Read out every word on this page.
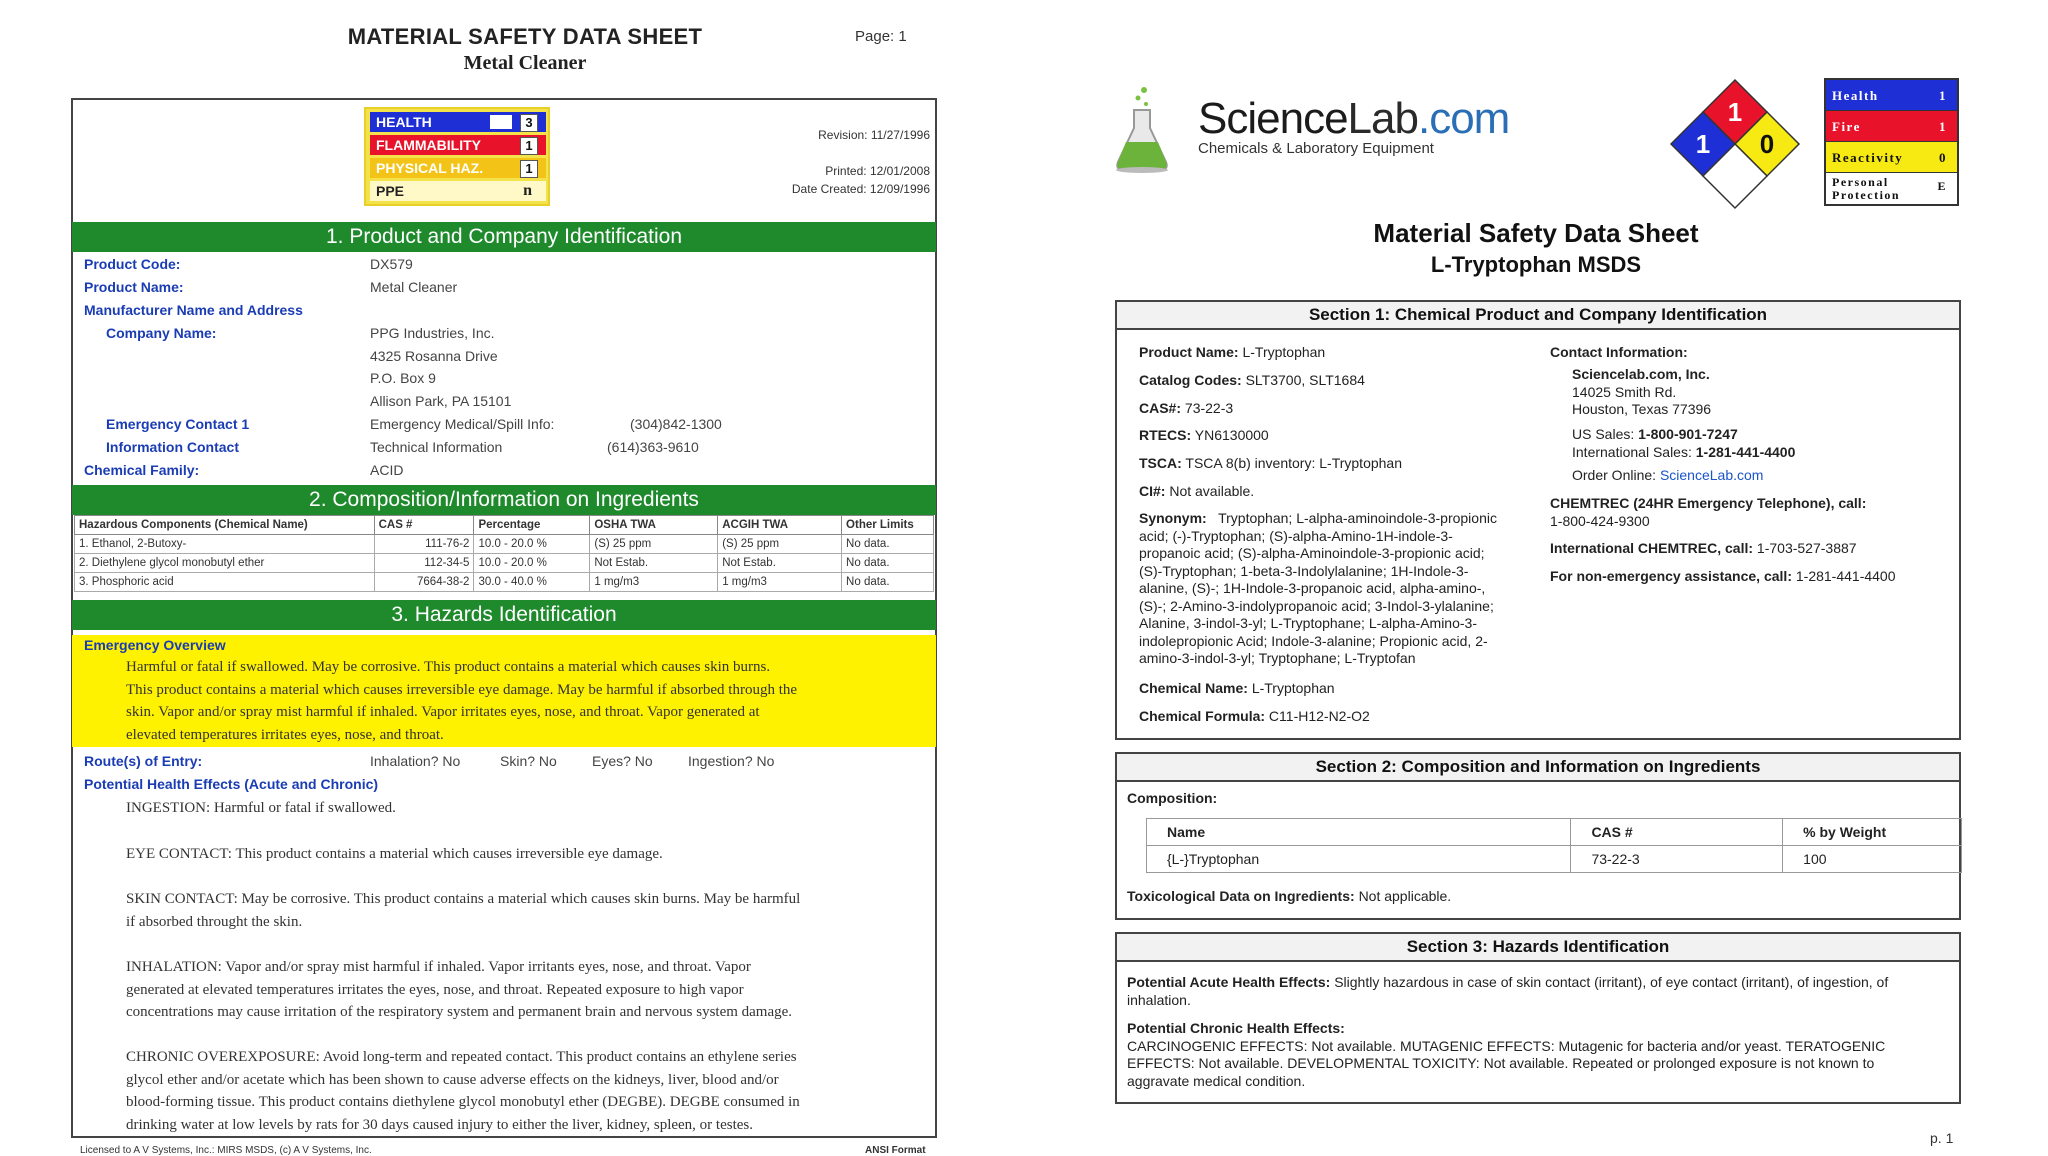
MATERIAL SAFETY DATA SHEET
Metal Cleaner
Page: 1
HEALTH	3
FLAMMABILITY	1
PHYSICAL HAZ.	1
PPE	n
Revision: 11/27/1996
Printed: 12/01/2008
Date Created: 12/09/1996
1. Product and Company Identification
Product Code:	DX579
Product Name:	Metal Cleaner
Manufacturer Name and Address
Company Name:	PPG Industries, Inc.
4325 Rosanna Drive
P.O. Box 9
Allison Park, PA 15101
Emergency Contact 1	Emergency Medical/Spill Info:	(304)842-1300
Information Contact	Technical Information	(614)363-9610
Chemical Family:	ACID
2. Composition/Information on Ingredients
Hazardous Components (Chemical Name)	CAS #	Percentage	OSHA TWA	ACGIH TWA	Other Limits
1. Ethanol, 2-Butoxy-	111-76-2	10.0 - 20.0 %	(S) 25 ppm	(S) 25 ppm	No data.
2. Diethylene glycol monobutyl ether	112-34-5	10.0 - 20.0 %	Not Estab.	Not Estab.	No data.
3. Phosphoric acid	7664-38-2	30.0 - 40.0 %	1 mg/m3	1 mg/m3	No data.
3. Hazards Identification
Emergency Overview
Harmful or fatal if swallowed. May be corrosive. This product contains a material which causes skin burns.
This product contains a material which causes irreversible eye damage. May be harmful if absorbed through the
skin. Vapor and/or spray mist harmful if inhaled. Vapor irritates eyes, nose, and throat. Vapor generated at
elevated temperatures irritates eyes, nose, and throat.
Route(s) of Entry:	Inhalation? No	Skin? No	Eyes? No	Ingestion? No
Potential Health Effects (Acute and Chronic)
INGESTION: Harmful or fatal if swallowed.
EYE CONTACT: This product contains a material which causes irreversible eye damage.
SKIN CONTACT: May be corrosive. This product contains a material which causes skin burns. May be harmful
if absorbed throught the skin.
INHALATION: Vapor and/or spray mist harmful if inhaled. Vapor irritants eyes, nose, and throat. Vapor
generated at elevated temperatures irritates the eyes, nose, and throat. Repeated exposure to high vapor
concentrations may cause irritation of the respiratory system and permanent brain and nervous system damage.
CHRONIC OVEREXPOSURE: Avoid long-term and repeated contact. This product contains an ethylene series
glycol ether and/or acetate which has been shown to cause adverse effects on the kidneys, liver, blood and/or
blood-forming tissue. This product contains diethylene glycol monobutyl ether (DEGBE). DEGBE consumed in
drinking water at low levels by rats for 30 days caused injury to either the liver, kidney, spleen, or testes.
Licensed to A V Systems, Inc.: MIRS MSDS, (c) A V Systems, Inc.	ANSI Format
ScienceLab.com
Chemicals & Laboratory Equipment
1
1 0
Health	1
Fire	1
Reactivity	0
Personal Protection
E
Material Safety Data Sheet
L-Tryptophan MSDS
Section 1: Chemical Product and Company Identification
Product Name: L-Tryptophan
Catalog Codes: SLT3700, SLT1684
CAS#: 73-22-3
RTECS: YN6130000
TSCA: TSCA 8(b) inventory: L-Tryptophan
CI#: Not available.
Synonym: Tryptophan; L-alpha-aminoindole-3-propionic
acid; (-)-Tryptophan; (S)-alpha-Amino-1H-indole-3-
propanoic acid; (S)-alpha-Aminoindole-3-propionic acid;
(S)-Tryptophan; 1-beta-3-Indolylalanine; 1H-Indole-3-
alanine, (S)-; 1H-Indole-3-propanoic acid, alpha-amino-,
(S)-; 2-Amino-3-indolypropanoic acid; 3-Indol-3-ylalanine;
Alanine, 3-indol-3-yl; L-Tryptophane; L-alpha-Amino-3-
indolepropionic Acid; Indole-3-alanine; Propionic acid, 2-
amino-3-indol-3-yl; Tryptophane; L-Tryptofan
Chemical Name: L-Tryptophan
Chemical Formula: C11-H12-N2-O2
Contact Information:
Sciencelab.com, Inc.
14025 Smith Rd.
Houston, Texas 77396
US Sales: 1-800-901-7247
International Sales: 1-281-441-4400
Order Online: ScienceLab.com
CHEMTREC (24HR Emergency Telephone), call:
1-800-424-9300
International CHEMTREC, call: 1-703-527-3887
For non-emergency assistance, call: 1-281-441-4400
Section 2: Composition and Information on Ingredients
Composition:
Name	CAS #	% by Weight
{L-}Tryptophan	73-22-3	100
Toxicological Data on Ingredients: Not applicable.
Section 3: Hazards Identification
Potential Acute Health Effects: Slightly hazardous in case of skin contact (irritant), of eye contact (irritant), of ingestion, of
inhalation.
Potential Chronic Health Effects:
CARCINOGENIC EFFECTS: Not available. MUTAGENIC EFFECTS: Mutagenic for bacteria and/or yeast. TERATOGENIC
EFFECTS: Not available. DEVELOPMENTAL TOXICITY: Not available. Repeated or prolonged exposure is not known to
aggravate medical condition.
p. 1
